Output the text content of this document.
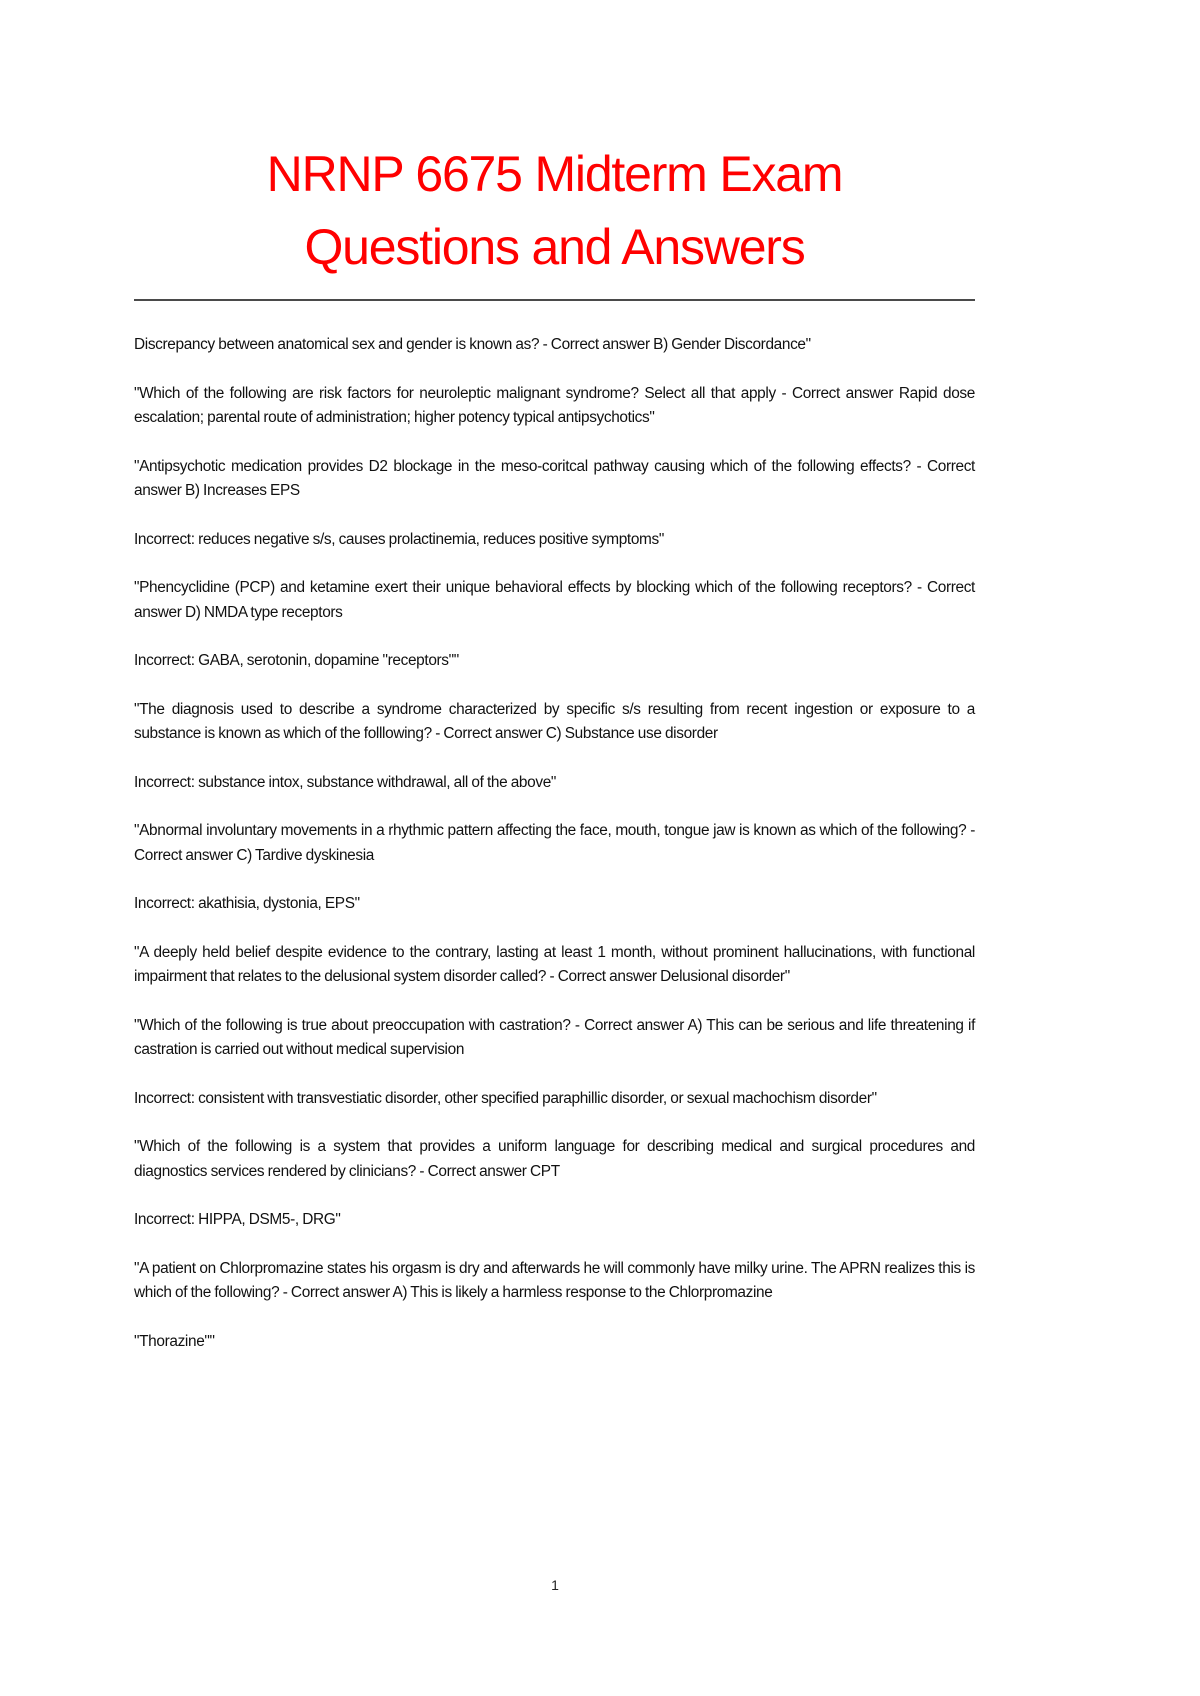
NRNP 6675 Midterm Exam
Questions and Answers

Discrepancy between anatomical sex and gender is known as? - Correct answer B) Gender Discordance"

"Which of the following are risk factors for neuroleptic malignant syndrome? Select all that apply - Correct answer Rapid dose escalation; parental route of administration; higher potency typical antipsychotics"

"Antipsychotic medication provides D2 blockage in the meso-coritcal pathway causing which of the following effects? - Correct answer B) Increases EPS

Incorrect: reduces negative s/s, causes prolactinemia, reduces positive symptoms"

"Phencyclidine (PCP) and ketamine exert their unique behavioral effects by blocking which of the following receptors? - Correct answer D) NMDA type receptors

Incorrect: GABA, serotonin, dopamine "receptors""

"The diagnosis used to describe a syndrome characterized by specific s/s resulting from recent ingestion or exposure to a substance is known as which of the folllowing? - Correct answer C) Substance use disorder

Incorrect: substance intox, substance withdrawal, all of the above"

"Abnormal involuntary movements in a rhythmic pattern affecting the face, mouth, tongue jaw is known as which of the following? - Correct answer C) Tardive dyskinesia

Incorrect: akathisia, dystonia, EPS"

"A deeply held belief despite evidence to the contrary, lasting at least 1 month, without prominent hallucinations, with functional impairment that relates to the delusional system disorder called? - Correct answer Delusional disorder"

"Which of the following is true about preoccupation with castration? - Correct answer A) This can be serious and life threatening if castration is carried out without medical supervision

Incorrect: consistent with transvestiatic disorder, other specified paraphillic disorder, or sexual machochism disorder"

"Which of the following is a system that provides a uniform language for describing medical and surgical procedures and diagnostics services rendered by clinicians? - Correct answer CPT

Incorrect: HIPPA, DSM5-, DRG"

"A patient on Chlorpromazine states his orgasm is dry and afterwards he will commonly have milky urine. The APRN realizes this is which of the following? - Correct answer A) This is likely a harmless response to the Chlorpromazine

"Thorazine""

1
